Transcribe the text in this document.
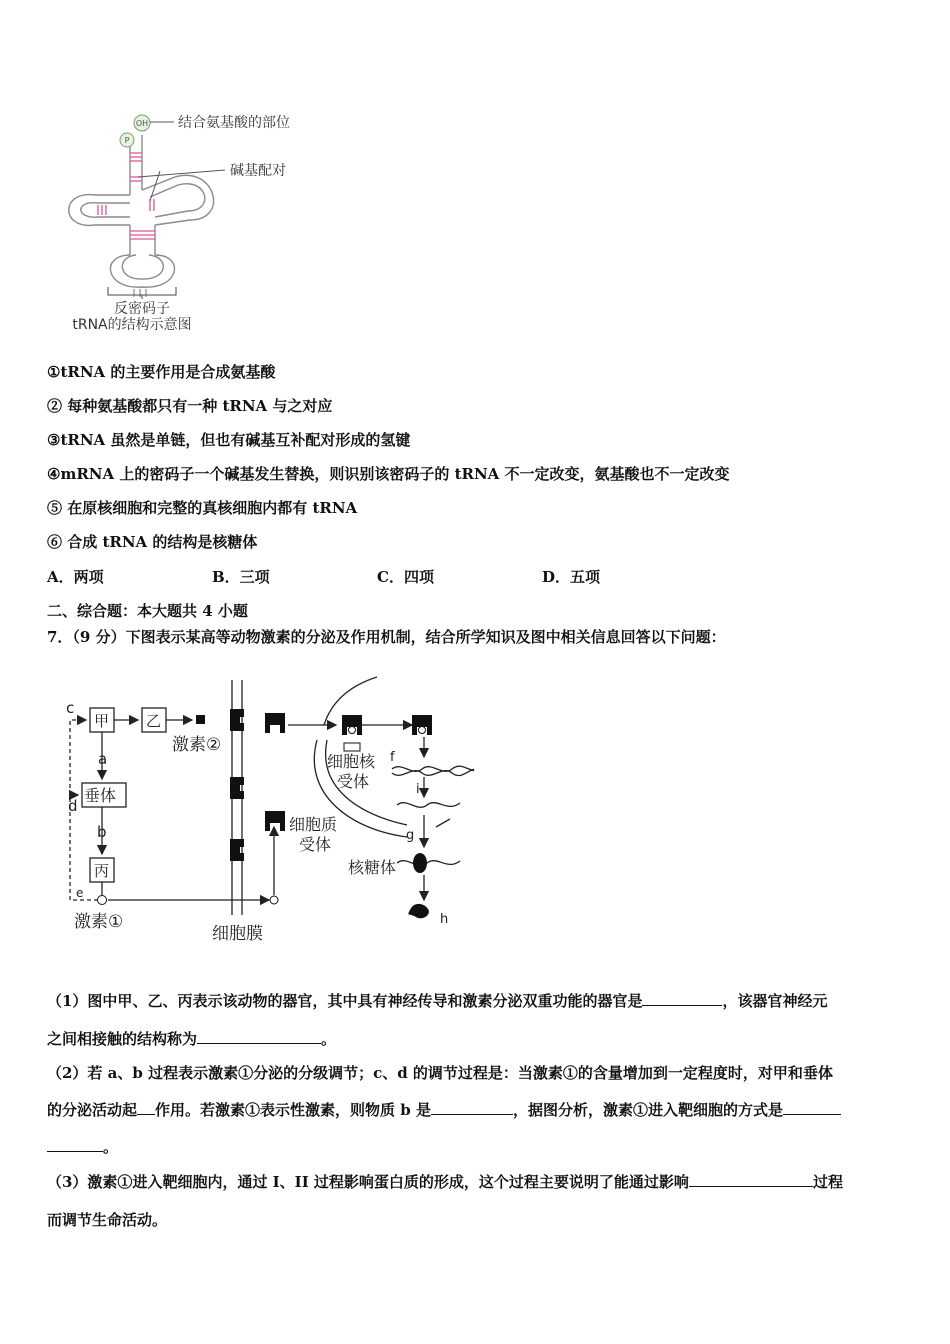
OH
P
结合氨基酸的部位
碱基配对
反密码子
tRNA的结构示意图
①tRNA 的主要作用是合成氨基酸
② 每种氨基酸都只有一种 tRNA 与之对应
③tRNA 虽然是单链，但也有碱基互补配对形成的氢键
④mRNA 上的密码子一个碱基发生替换，则识别该密码子的 tRNA 不一定改变，氨基酸也不一定改变
⑤ 在原核细胞和完整的真核细胞内都有 tRNA
⑥ 合成 tRNA 的结构是核糖体
A．两项	B．三项	C．四项	D．五项
二、综合题：本大题共 4 小题
7．（9 分）下图表示某高等动物激素的分泌及作用机制，结合所学知识及图中相关信息回答以下问题：
c
甲 乙
激素②
a
垂体
d
b
丙
e
激素①
细胞膜
细胞核
受体
f
i
细胞质
受体	g
核糖体
h
（1）图中甲、乙、丙表示该动物的器官，其中具有神经传导和激素分泌双重功能的器官是	，该器官神经元
之间相接触的结构称为	。
（2）若 a、b 过程表示激素①分泌的分级调节；c、d 的调节过程是：当激素①的含量增加到一定程度时，对甲和垂体
的分泌活动起 作用。若激素①表示性激素，则物质 b 是	，据图分析，激素①进入靶细胞的方式是
。
（3）激素①进入靶细胞内，通过 I、II 过程影响蛋白质的形成，这个过程主要说明了能通过影响	过程
而调节生命活动。
